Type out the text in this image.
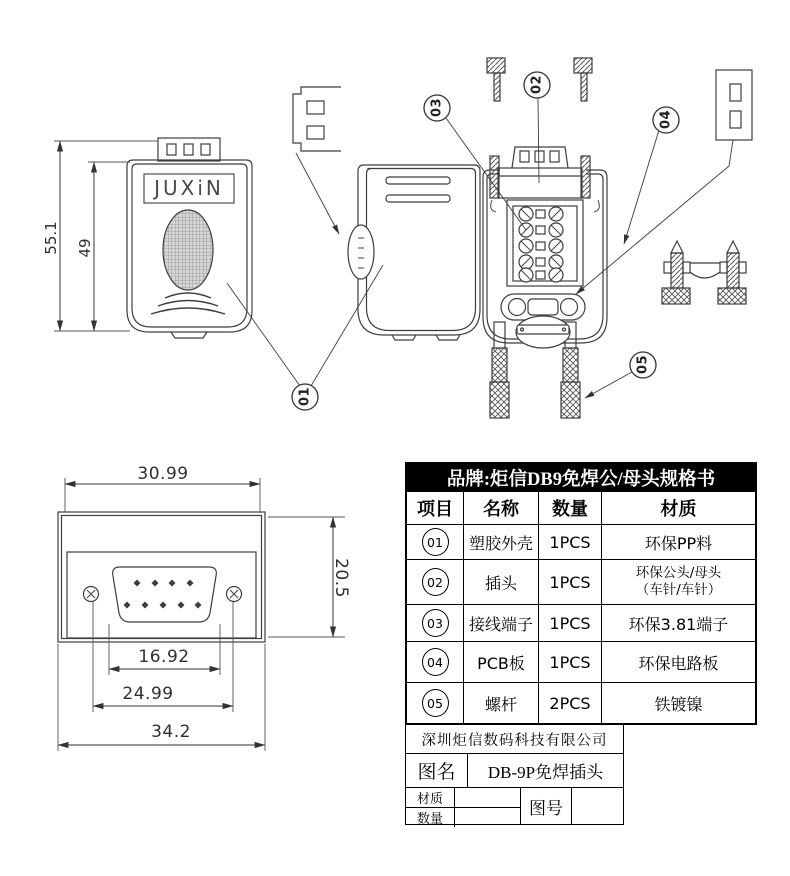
JUXiN
55.1 49
30.99
20.5
16.92
24.99
34.2
01
02
03
04
05
品牌:炬信DB9免焊公/母头规格书
项目	名称	数量	材质
01	塑胶外壳	1PCS	环保PP料
02	插头	1PCS	环保公头/母头
（车针/车针）
03	接线端子	1PCS	环保3.81端子
04	PCB板	1PCS	环保电路板
05	螺杆	2PCS	铁镀镍
深圳炬信数码科技有限公司
图名	DB-9P免焊插头
材质
数量
图号
